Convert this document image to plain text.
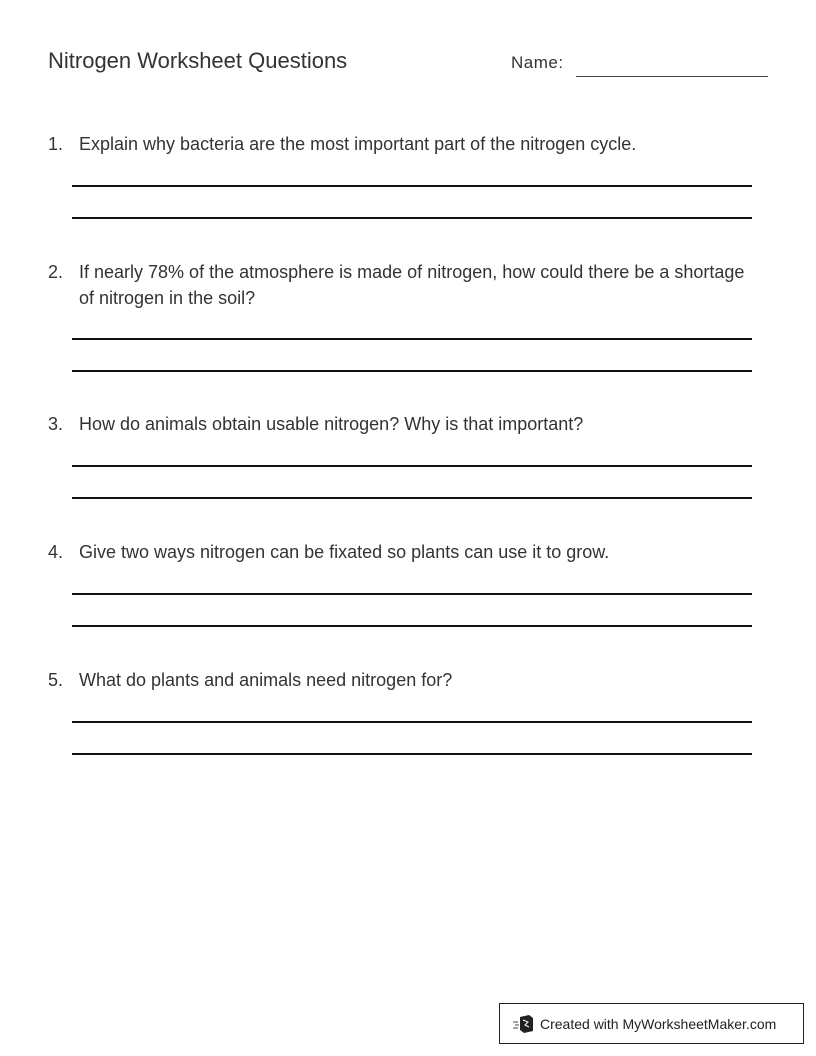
Nitrogen Worksheet Questions	Name:
1. Explain why bacteria are the most important part of the nitrogen cycle.
2. If nearly 78% of the atmosphere is made of nitrogen, how could there be a shortage of nitrogen in the soil?
3. How do animals obtain usable nitrogen? Why is that important?
4. Give two ways nitrogen can be fixated so plants can use it to grow.
5. What do plants and animals need nitrogen for?
Created with MyWorksheetMaker.com
